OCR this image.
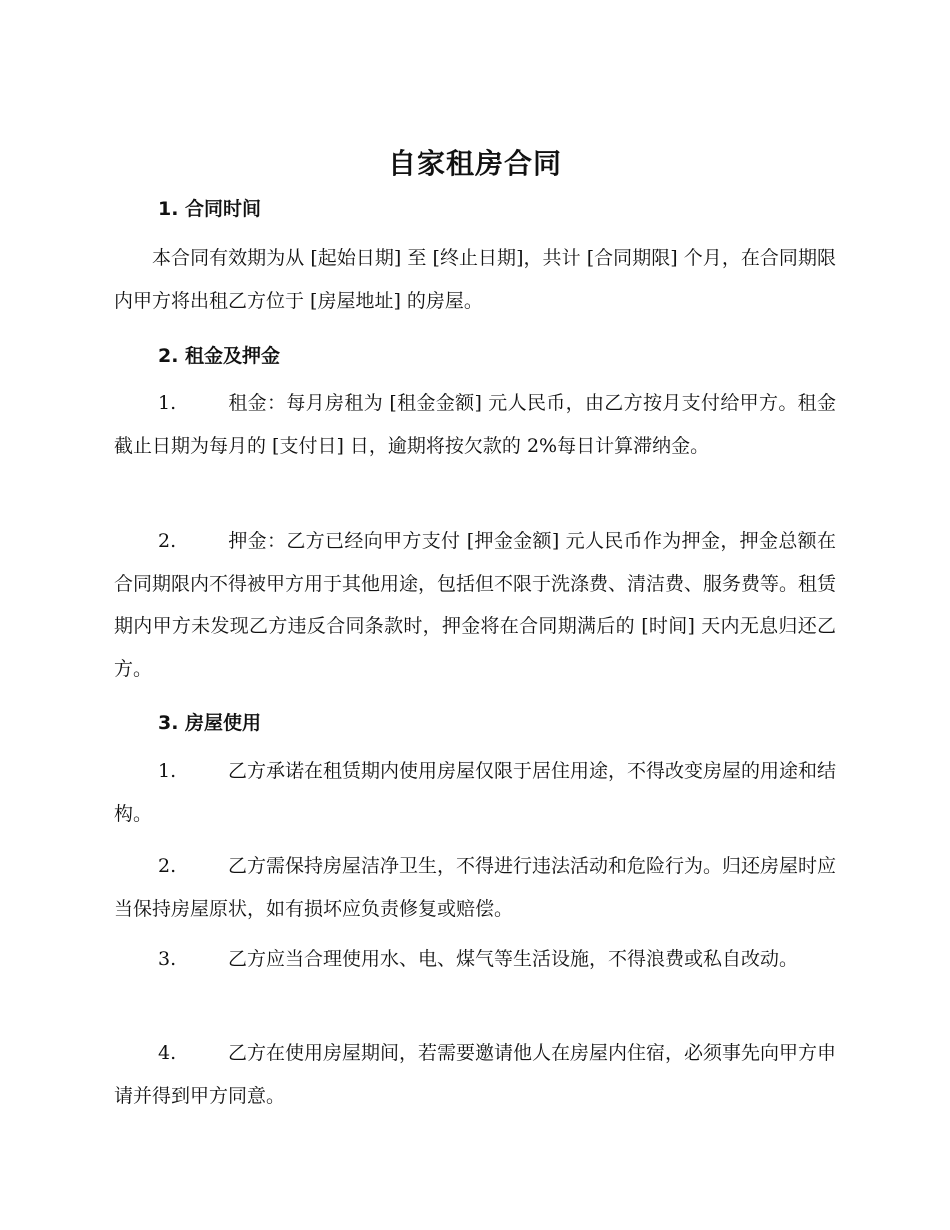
自家租房合同
1. 合同时间
本合同有效期为从 [起始日期] 至 [终止日期]，共计 [合同期限] 个月，在合同期限内甲方将出租乙方位于 [房屋地址] 的房屋。
2. 租金及押金
1.	租金：每月房租为 [租金金额] 元人民币，由乙方按月支付给甲方。租金截止日期为每月的 [支付日] 日，逾期将按欠款的 2%每日计算滞纳金。
2.	押金：乙方已经向甲方支付 [押金金额] 元人民币作为押金，押金总额在合同期限内不得被甲方用于其他用途，包括但不限于洗涤费、清洁费、服务费等。租赁期内甲方未发现乙方违反合同条款时，押金将在合同期满后的 [时间] 天内无息归还乙方。
3. 房屋使用
1.	乙方承诺在租赁期内使用房屋仅限于居住用途，不得改变房屋的用途和结构。
2.	乙方需保持房屋洁净卫生，不得进行违法活动和危险行为。归还房屋时应当保持房屋原状，如有损坏应负责修复或赔偿。
3.	乙方应当合理使用水、电、煤气等生活设施，不得浪费或私自改动。
4.	乙方在使用房屋期间，若需要邀请他人在房屋内住宿，必须事先向甲方申请并得到甲方同意。
